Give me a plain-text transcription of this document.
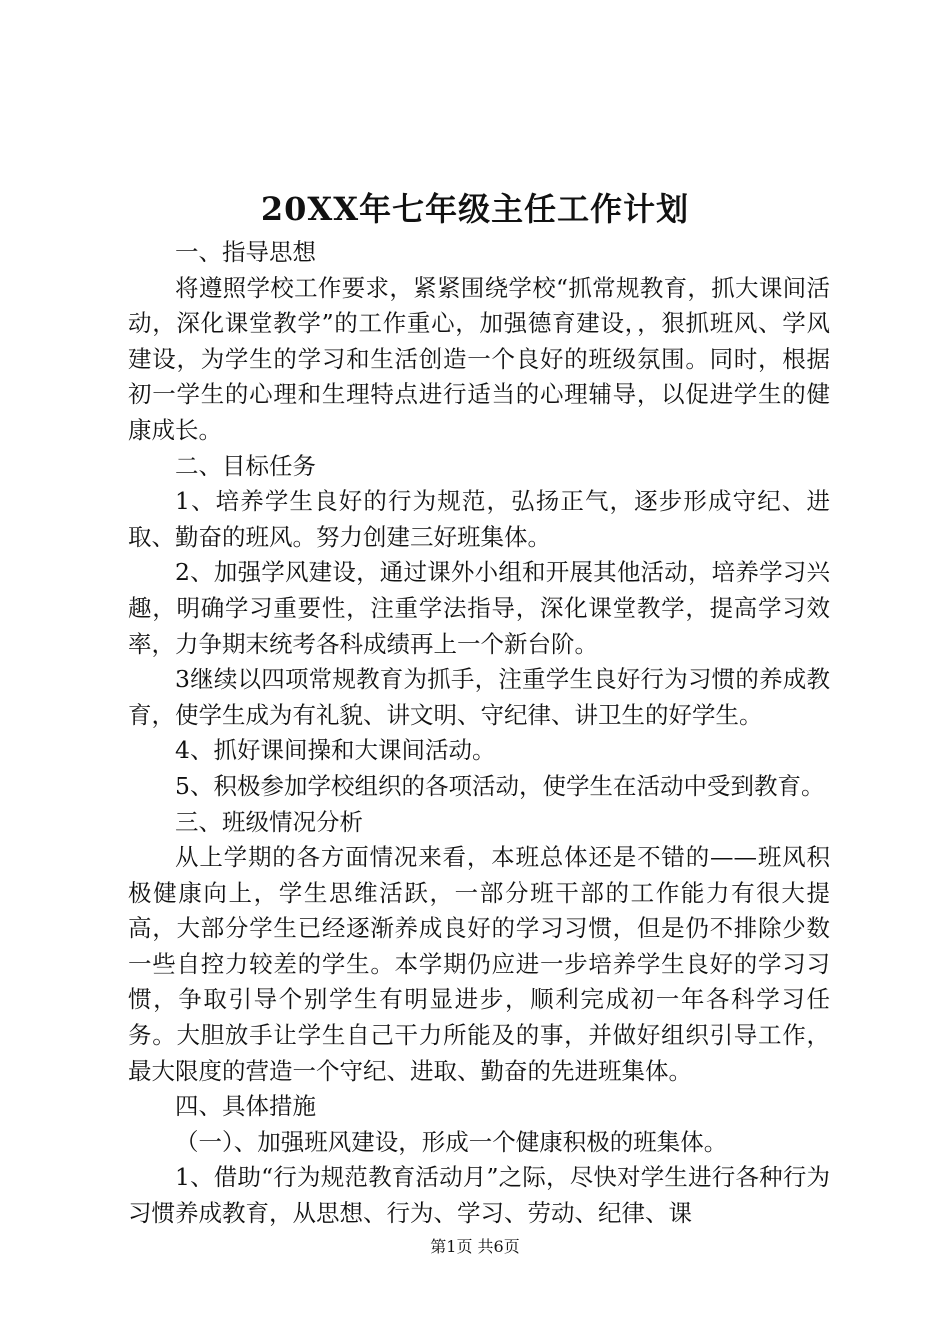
20XX年七年级主任工作计划

一、指导思想

将遵照学校工作要求，紧紧围绕学校“抓常规教育，抓大课间活动，深化课堂教学”的工作重心，加强德育建设，，狠抓班风、学风建设，为学生的学习和生活创造一个良好的班级氛围。同时，根据初一学生的心理和生理特点进行适当的心理辅导，以促进学生的健康成长。

二、目标任务

1、培养学生良好的行为规范，弘扬正气，逐步形成守纪、进取、勤奋的班风。努力创建三好班集体。

2、加强学风建设，通过课外小组和开展其他活动，培养学习兴趣，明确学习重要性，注重学法指导，深化课堂教学，提高学习效率，力争期末统考各科成绩再上一个新台阶。

3继续以四项常规教育为抓手，注重学生良好行为习惯的养成教育，使学生成为有礼貌、讲文明、守纪律、讲卫生的好学生。

4、抓好课间操和大课间活动。

5、积极参加学校组织的各项活动，使学生在活动中受到教育。

三、班级情况分析

从上学期的各方面情况来看，本班总体还是不错的——班风积极健康向上，学生思维活跃，一部分班干部的工作能力有很大提高，大部分学生已经逐渐养成良好的学习习惯，但是仍不排除少数一些自控力较差的学生。本学期仍应进一步培养学生良好的学习习惯，争取引导个别学生有明显进步，顺利完成初一年各科学习任务。大胆放手让学生自己干力所能及的事，并做好组织引导工作，最大限度的营造一个守纪、进取、勤奋的先进班集体。

四、具体措施

（一）、加强班风建设，形成一个健康积极的班集体。

1、借助“行为规范教育活动月”之际，尽快对学生进行各种行为习惯养成教育，从思想、行为、学习、劳动、纪律、课

第1页 共6页
